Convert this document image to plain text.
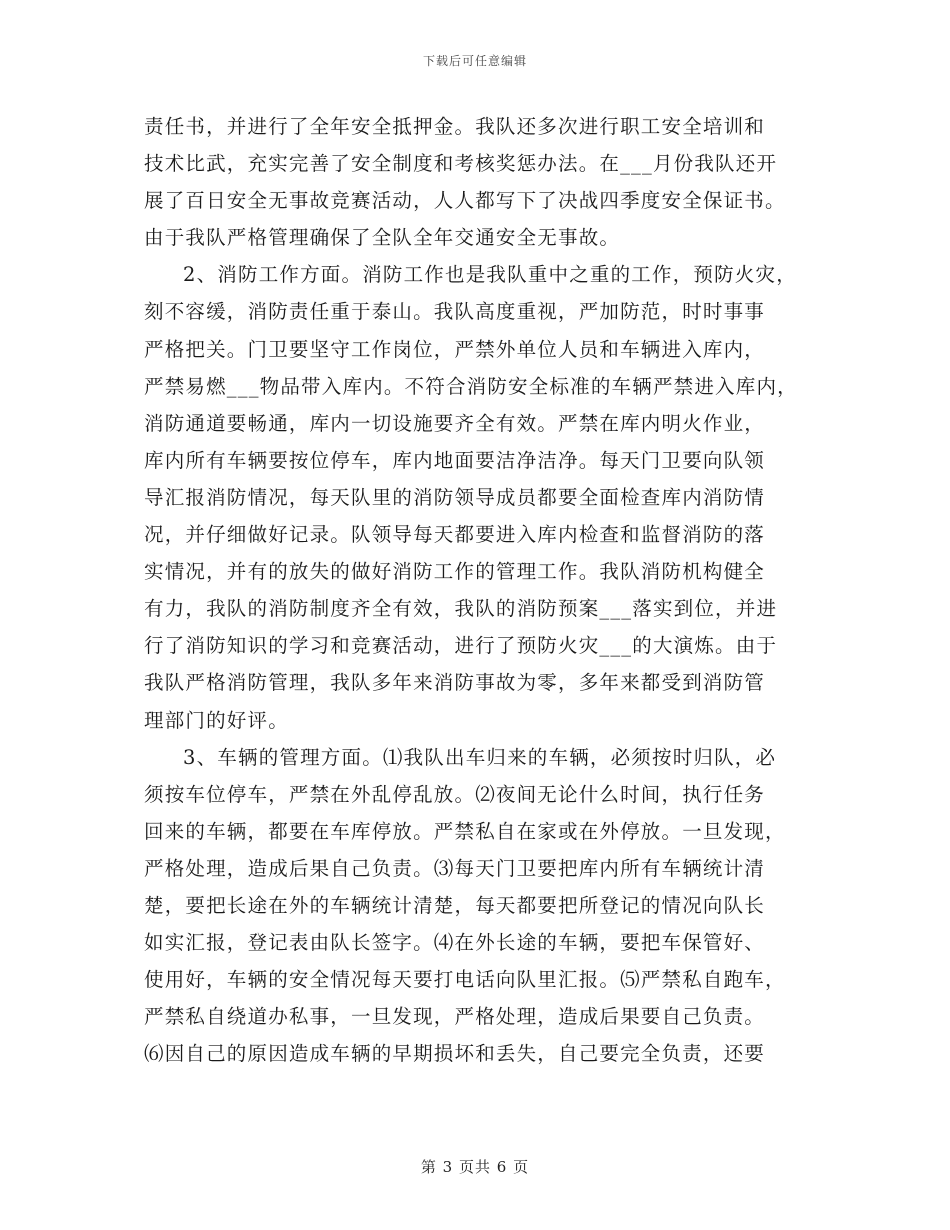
下载后可任意编辑
责任书，并进行了全年安全抵押金。我队还多次进行职工安全培训和
技术比武，充实完善了安全制度和考核奖惩办法。在___月份我队还开
展了百日安全无事故竞赛活动，人人都写下了决战四季度安全保证书。
由于我队严格管理确保了全队全年交通安全无事故。
2、消防工作方面。消防工作也是我队重中之重的工作，预防火灾，
刻不容缓，消防责任重于泰山。我队高度重视，严加防范，时时事事
严格把关。门卫要坚守工作岗位，严禁外单位人员和车辆进入库内，
严禁易燃___物品带入库内。不符合消防安全标准的车辆严禁进入库内，
消防通道要畅通，库内一切设施要齐全有效。严禁在库内明火作业，
库内所有车辆要按位停车，库内地面要洁净洁净。每天门卫要向队领
导汇报消防情况，每天队里的消防领导成员都要全面检查库内消防情
况，并仔细做好记录。队领导每天都要进入库内检查和监督消防的落
实情况，并有的放失的做好消防工作的管理工作。我队消防机构健全
有力，我队的消防制度齐全有效，我队的消防预案___落实到位，并进
行了消防知识的学习和竞赛活动，进行了预防火灾___的大演炼。由于
我队严格消防管理，我队多年来消防事故为零，多年来都受到消防管
理部门的好评。
3、车辆的管理方面。⑴我队出车归来的车辆，必须按时归队，必
须按车位停车，严禁在外乱停乱放。⑵夜间无论什么时间，执行任务
回来的车辆，都要在车库停放。严禁私自在家或在外停放。一旦发现，
严格处理，造成后果自己负责。⑶每天门卫要把库内所有车辆统计清
楚，要把长途在外的车辆统计清楚，每天都要把所登记的情况向队长
如实汇报，登记表由队长签字。⑷在外长途的车辆，要把车保管好、
使用好，车辆的安全情况每天要打电话向队里汇报。⑸严禁私自跑车，
严禁私自绕道办私事，一旦发现，严格处理，造成后果要自己负责。
⑹因自己的原因造成车辆的早期损坏和丢失，自己要完全负责，还要
第 3 页共 6 页
